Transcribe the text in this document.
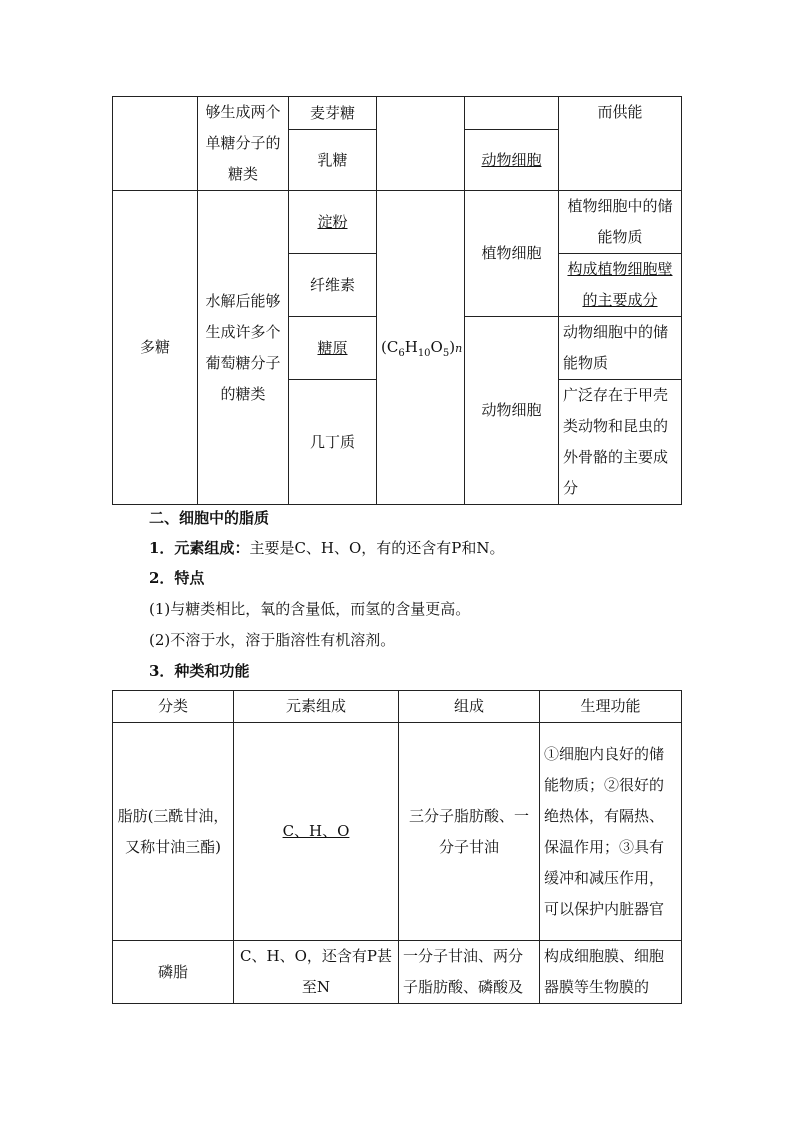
	够生成两个单糖分子的糖类	麦芽糖			而供能
		乳糖		动物细胞	
多糖	水解后能够生成许多个葡萄糖分子的糖类	淀粉	$(C_6H_{10}O_5)n$	植物细胞	植物细胞中的储能物质
		纤维素			构成植物细胞壁的主要成分
		糖原		动物细胞	动物细胞中的储能物质
		几丁质			广泛存在于甲壳类动物和昆虫的外骨骼的主要成分
二、细胞中的脂质
1．元素组成：主要是C、H、O，有的还含有P和N。
2．特点
(1)与糖类相比，氧的含量低，而氢的含量更高。
(2)不溶于水，溶于脂溶性有机溶剂。
3．种类和功能
分类	元素组成	组成	生理功能
脂肪(三酰甘油，又称甘油三酯)	C、H、O	三分子脂肪酸、一分子甘油	①细胞内良好的储能物质；②很好的绝热体，有隔热、保温作用；③具有缓冲和减压作用，可以保护内脏器官
磷脂	C、H、O，还含有P甚至N	一分子甘油、两分子脂肪酸、磷酸及	构成细胞膜、细胞器膜等生物膜的
